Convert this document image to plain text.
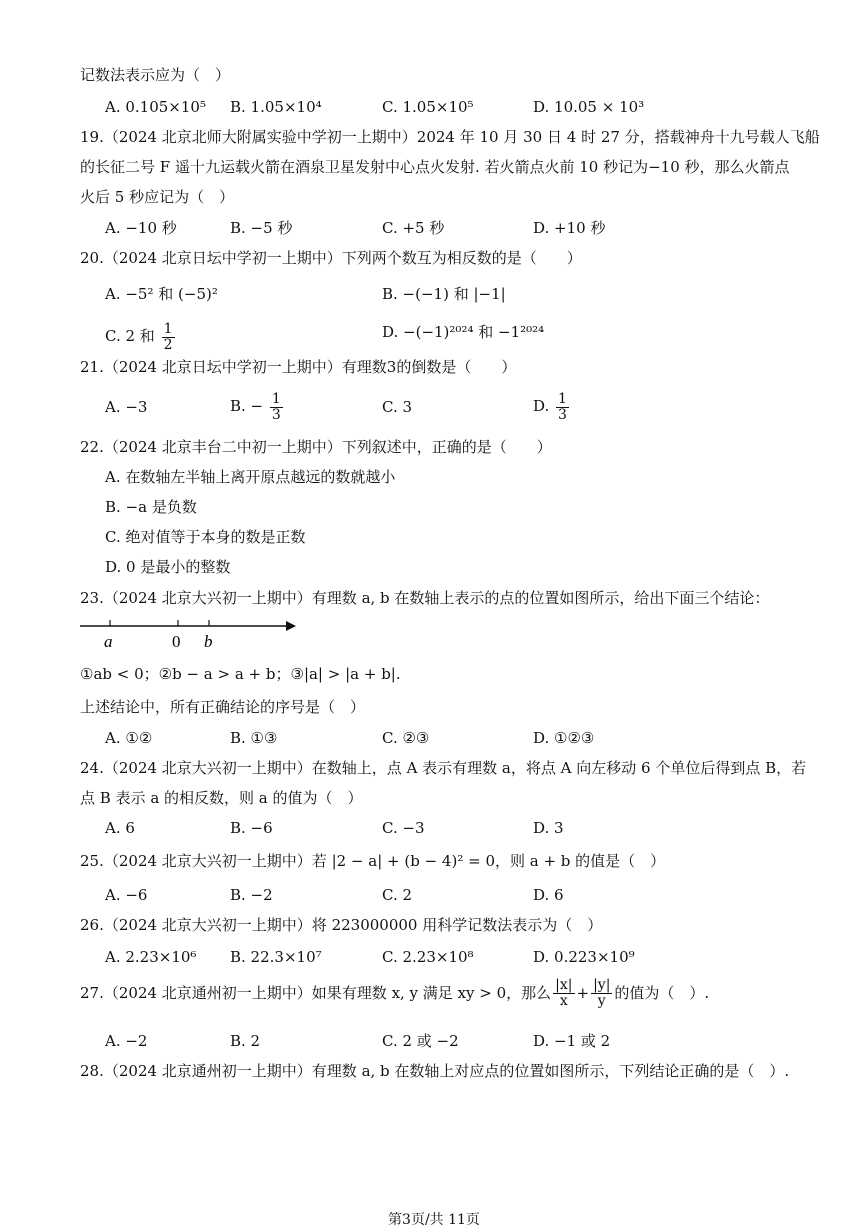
记数法表示应为（　）
A. 0.105×10⁵ B. 1.05×10⁴	C. 1.05×10⁵	D. 10.05 × 10³
19.（2024 北京北师大附属实验中学初一上期中）2024 年 10 月 30 日 4 时 27 分，搭载神舟十九号载人飞船
的长征二号 F 遥十九运载火箭在酒泉卫星发射中心点火发射. 若火箭点火前 10 秒记为−10 秒，那么火箭点
火后 5 秒应记为（　）
A. −10 秒	B. −5 秒	C. +5 秒	D. +10 秒
20.（2024 北京日坛中学初一上期中）下列两个数互为相反数的是（　　）
A. −5² 和 (−5)²	B. −(−1) 和 |−1|
C. 2 和 $\frac{1}{2}$	D. −(−1)²⁰²⁴ 和 −1²⁰²⁴
21.（2024 北京日坛中学初一上期中）有理数3的倒数是（　　）
A. −3	B. − $\frac{1}{3}$	C. 3	D. $\frac{1}{3}$
22.（2024 北京丰台二中初一上期中）下列叙述中，正确的是（　　）
A. 在数轴左半轴上离开原点越远的数就越小
B. −a 是负数
C. 绝对值等于本身的数是正数
D. 0 是最小的整数
23.（2024 北京大兴初一上期中）有理数 a, b 在数轴上表示的点的位置如图所示，给出下面三个结论：
a	0 b
①ab < 0；②b − a > a + b；③|a| > |a + b|.
上述结论中，所有正确结论的序号是（　）
A. ①②	B. ①③	C. ②③	D. ①②③
24.（2024 北京大兴初一上期中）在数轴上，点 A 表示有理数 a，将点 A 向左移动 6 个单位后得到点 B，若
点 B 表示 a 的相反数，则 a 的值为（　）
A. 6	B. −6	C. −3	D. 3
25.（2024 北京大兴初一上期中）若 |2 − a| + (b − 4)² = 0，则 a + b 的值是（　）
A. −6	B. −2	C. 2	D. 6
26.（2024 北京大兴初一上期中）将 223000000 用科学记数法表示为（　）
A. 2.23×10⁶ B. 22.3×10⁷	C. 2.23×10⁸	D. 0.223×10⁹
27.（2024 北京通州初一上期中）如果有理数 x, y 满足 xy > 0，那么 $\frac{|x|}{x} + \frac{|y|}{y}$ 的值为（　）.
A. −2	B. 2	C. 2 或 −2	D. −1 或 2
28.（2024 北京通州初一上期中）有理数 a, b 在数轴上对应点的位置如图所示，下列结论正确的是（　）.
第3页/共 11页
